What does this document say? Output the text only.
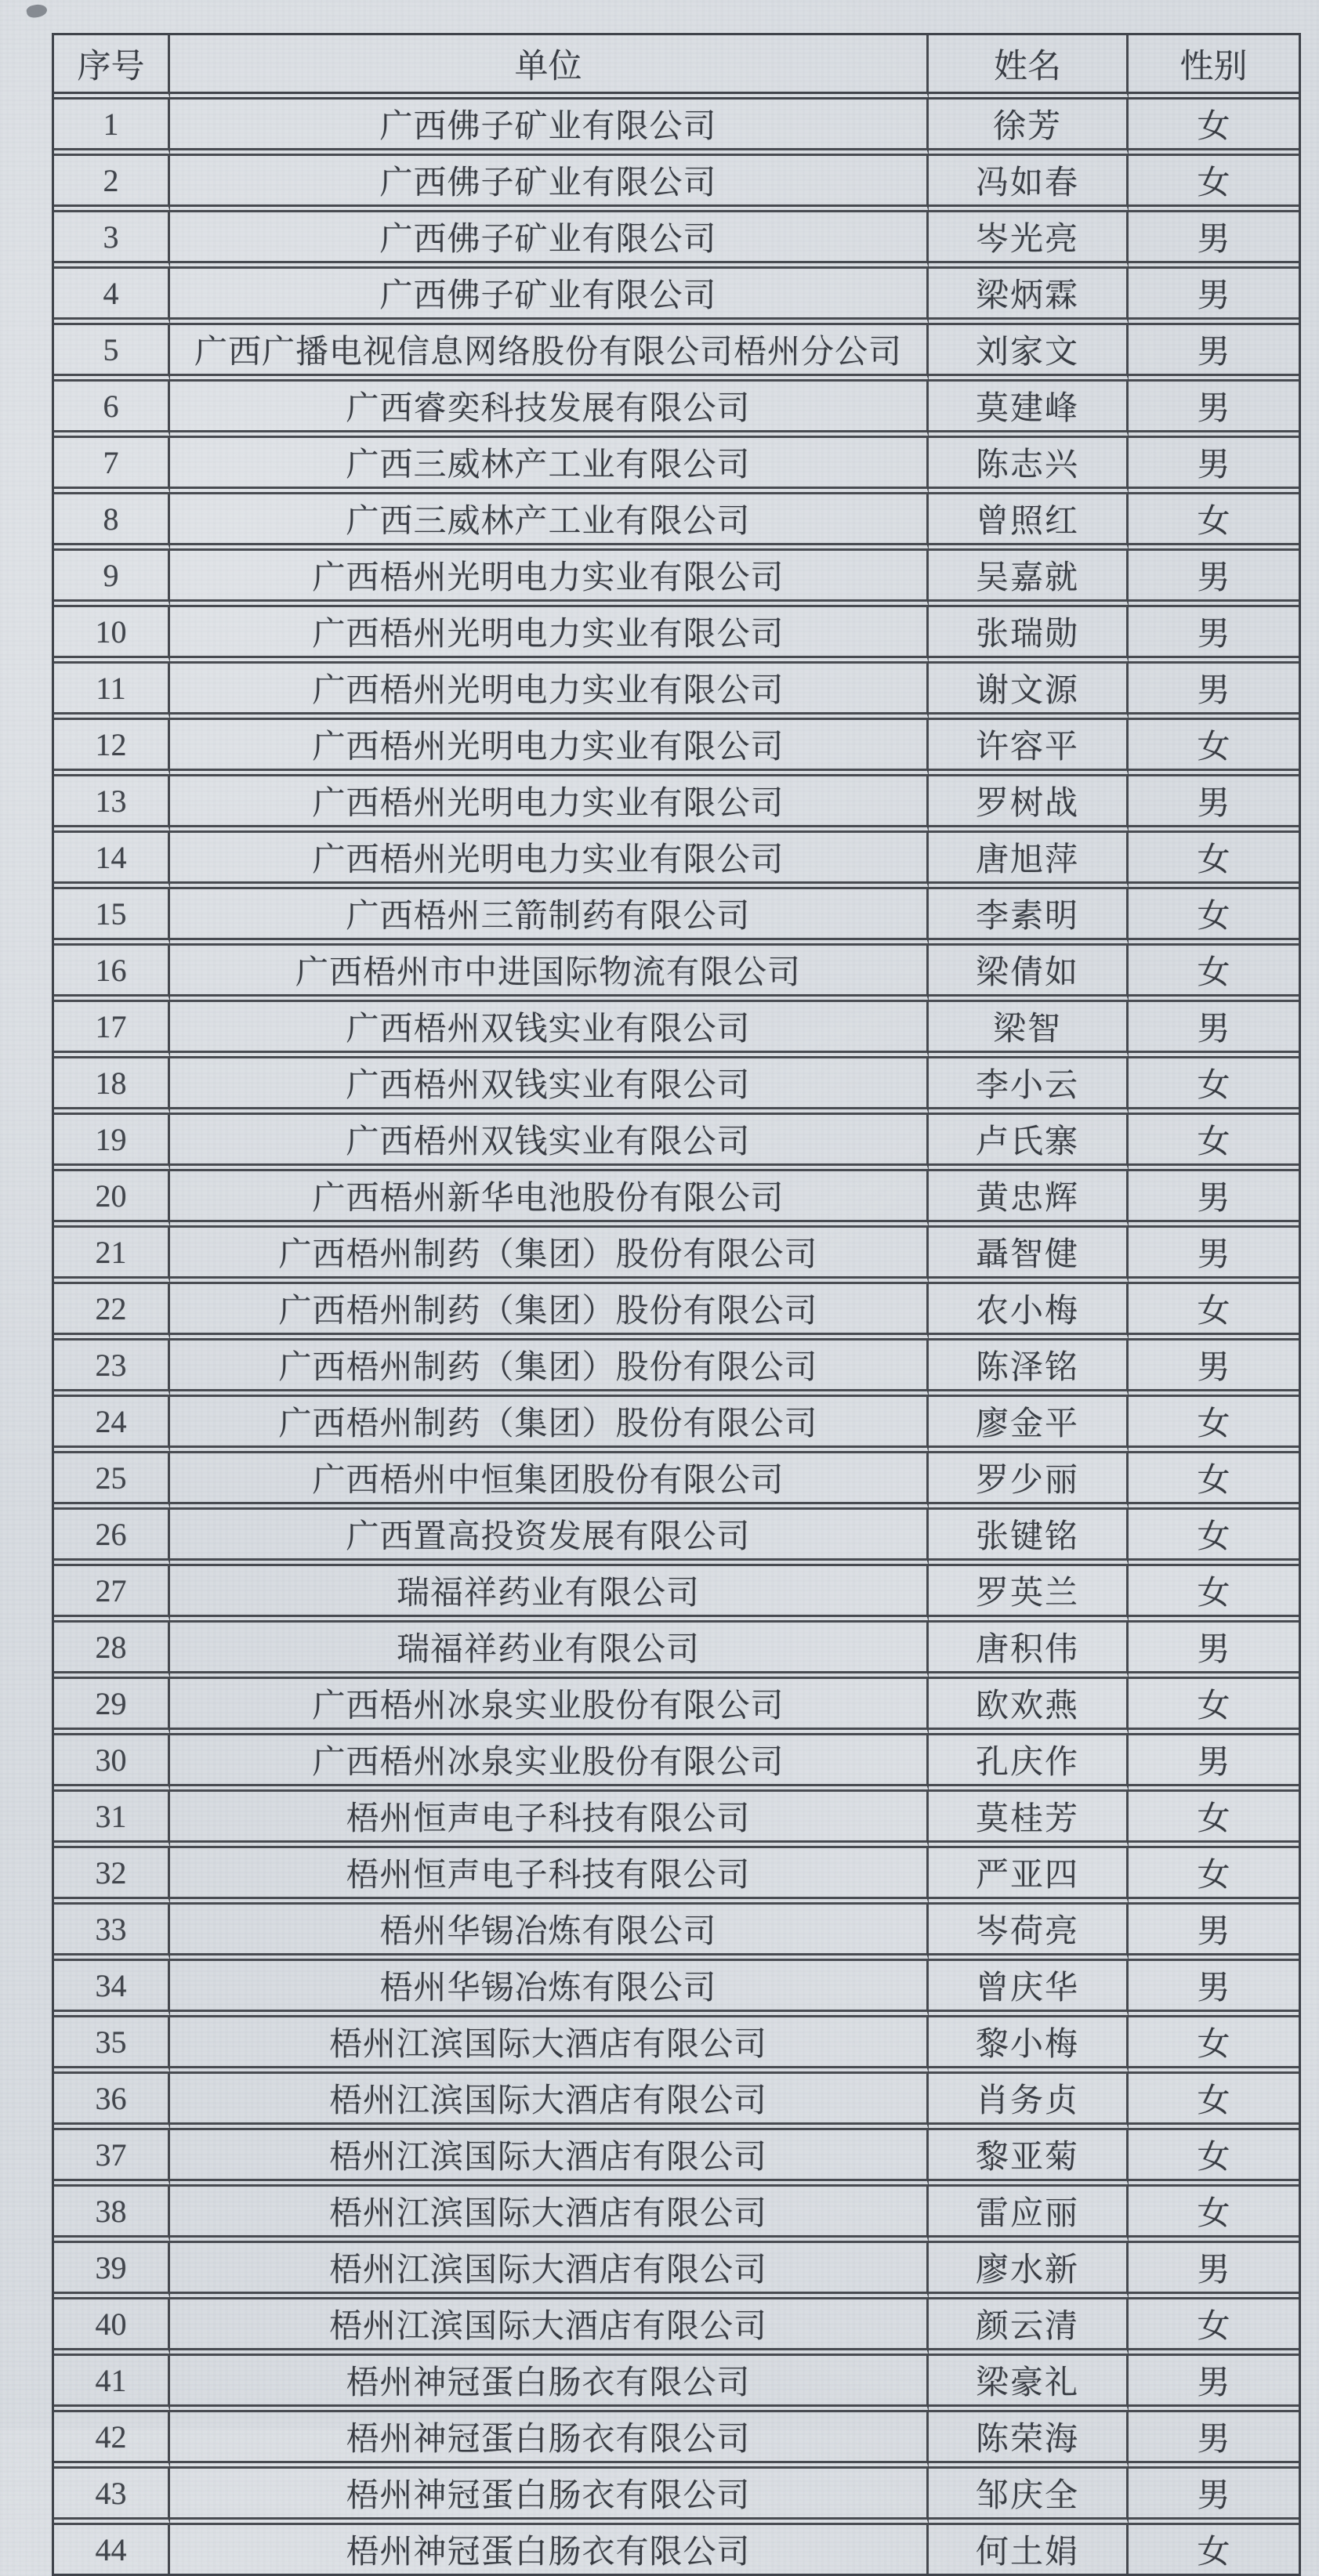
序号	单位	姓名	性别
1	广西佛子矿业有限公司	徐芳	女
2	广西佛子矿业有限公司	冯如春	女
3	广西佛子矿业有限公司	岑光亮	男
4	广西佛子矿业有限公司	梁炳霖	男
5	广西广播电视信息网络股份有限公司梧州分公司	刘家文	男
6	广西睿奕科技发展有限公司	莫建峰	男
7	广西三威林产工业有限公司	陈志兴	男
8	广西三威林产工业有限公司	曾照红	女
9	广西梧州光明电力实业有限公司	吴嘉就	男
10	广西梧州光明电力实业有限公司	张瑞勋	男
11	广西梧州光明电力实业有限公司	谢文源	男
12	广西梧州光明电力实业有限公司	许容平	女
13	广西梧州光明电力实业有限公司	罗树战	男
14	广西梧州光明电力实业有限公司	唐旭萍	女
15	广西梧州三箭制药有限公司	李素明	女
16	广西梧州市中进国际物流有限公司	梁倩如	女
17	广西梧州双钱实业有限公司	梁智	男
18	广西梧州双钱实业有限公司	李小云	女
19	广西梧州双钱实业有限公司	卢氏寨	女
20	广西梧州新华电池股份有限公司	黄忠辉	男
21	广西梧州制药（集团）股份有限公司	聶智健	男
22	广西梧州制药（集团）股份有限公司	农小梅	女
23	广西梧州制药（集团）股份有限公司	陈泽铭	男
24	广西梧州制药（集团）股份有限公司	廖金平	女
25	广西梧州中恒集团股份有限公司	罗少丽	女
26	广西置高投资发展有限公司	张键铭	女
27	瑞福祥药业有限公司	罗英兰	女
28	瑞福祥药业有限公司	唐积伟	男
29	广西梧州冰泉实业股份有限公司	欧欢燕	女
30	广西梧州冰泉实业股份有限公司	孔庆作	男
31	梧州恒声电子科技有限公司	莫桂芳	女
32	梧州恒声电子科技有限公司	严亚四	女
33	梧州华锡冶炼有限公司	岑荷亮	男
34	梧州华锡冶炼有限公司	曾庆华	男
35	梧州江滨国际大酒店有限公司	黎小梅	女
36	梧州江滨国际大酒店有限公司	肖务贞	女
37	梧州江滨国际大酒店有限公司	黎亚菊	女
38	梧州江滨国际大酒店有限公司	雷应丽	女
39	梧州江滨国际大酒店有限公司	廖水新	男
40	梧州江滨国际大酒店有限公司	颜云清	女
41	梧州神冠蛋白肠衣有限公司	梁豪礼	男
42	梧州神冠蛋白肠衣有限公司	陈荣海	男
43	梧州神冠蛋白肠衣有限公司	邹庆全	男
44	梧州神冠蛋白肠衣有限公司	何土娟	女
